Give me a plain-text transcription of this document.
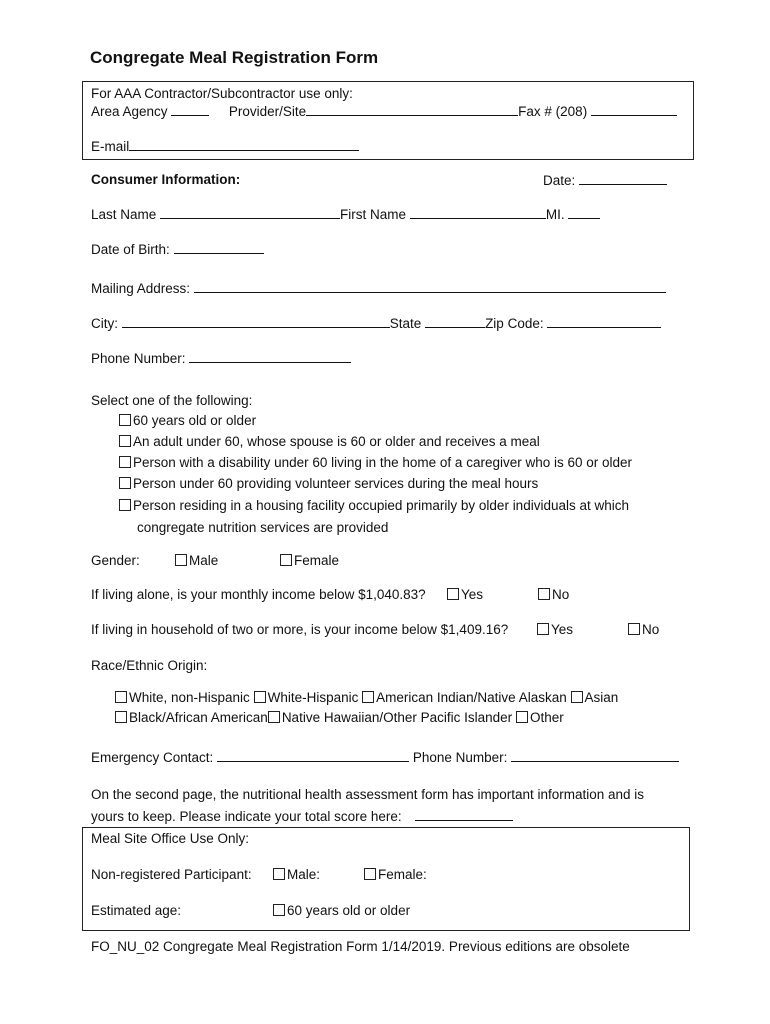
Congregate Meal Registration Form
For AAA Contractor/Subcontractor use only:
Area Agency	Provider/Site	Fax # (208)
E-mail
Consumer Information:	Date:
Last Name	First Name	MI.
Date of Birth:
Mailing Address:
City:	State	Zip Code:
Phone Number:
Select one of the following:
60 years old or older
An adult under 60, whose spouse is 60 or older and receives a meal
Person with a disability under 60 living in the home of a caregiver who is 60 or older
Person under 60 providing volunteer services during the meal hours
Person residing in a housing facility occupied primarily by older individuals at which
congregate nutrition services are provided
Gender:	Male	Female
If living alone, is your monthly income below $1,040.83?	Yes	No
If living in household of two or more, is your income below $1,409.16?	Yes	No
Race/Ethnic Origin:
White, non-Hispanic White-Hispanic American Indian/Native Alaskan Asian
Black/African American Native Hawaiian/Other Pacific Islander Other
Emergency Contact:	Phone Number:
On the second page, the nutritional health assessment form has important information and is
yours to keep. Please indicate your total score here:
Meal Site Office Use Only:
Non-registered Participant:	Male:	Female:
Estimated age:	60 years old or older
FO_NU_02 Congregate Meal Registration Form 1/14/2019. Previous editions are obsolete
